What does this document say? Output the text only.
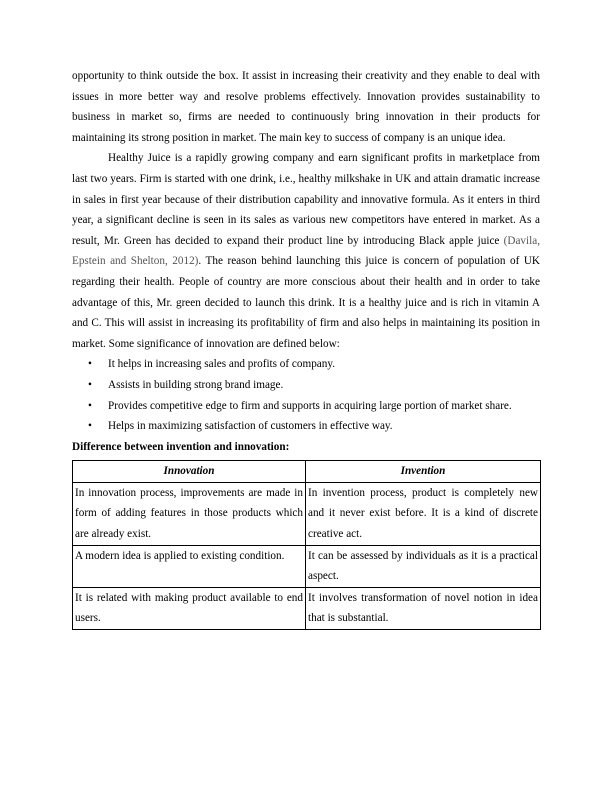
opportunity to think outside the box. It assist in increasing their creativity and they enable to deal with issues in more better way and resolve problems effectively. Innovation provides sustainability to business in market so, firms are needed to continuously bring innovation in their products for maintaining its strong position in market. The main key to success of company is an unique idea.

Healthy Juice is a rapidly growing company and earn significant profits in marketplace from last two years. Firm is started with one drink, i.e., healthy milkshake in UK and attain dramatic increase in sales in first year because of their distribution capability and innovative formula. As it enters in third year, a significant decline is seen in its sales as various new competitors have entered in market. As a result, Mr. Green has decided to expand their product line by introducing Black apple juice (Davila, Epstein and Shelton, 2012). The reason behind launching this juice is concern of population of UK regarding their health. People of country are more conscious about their health and in order to take advantage of this, Mr. green decided to launch this drink. It is a healthy juice and is rich in vitamin A and C. This will assist in increasing its profitability of firm and also helps in maintaining its position in market. Some significance of innovation are defined below:

• It helps in increasing sales and profits of company.
• Assists in building strong brand image.
• Provides competitive edge to firm and supports in acquiring large portion of market share.
• Helps in maximizing satisfaction of customers in effective way.

Difference between invention and innovation:

Innovation	Invention
In innovation process, improvements are made in form of adding features in those products which are already exist.	In invention process, product is completely new and it never exist before. It is a kind of discrete creative act.
A modern idea is applied to existing condition.	It can be assessed by individuals as it is a practical aspect.
It is related with making product available to end users.	It involves transformation of novel notion in idea that is substantial.
